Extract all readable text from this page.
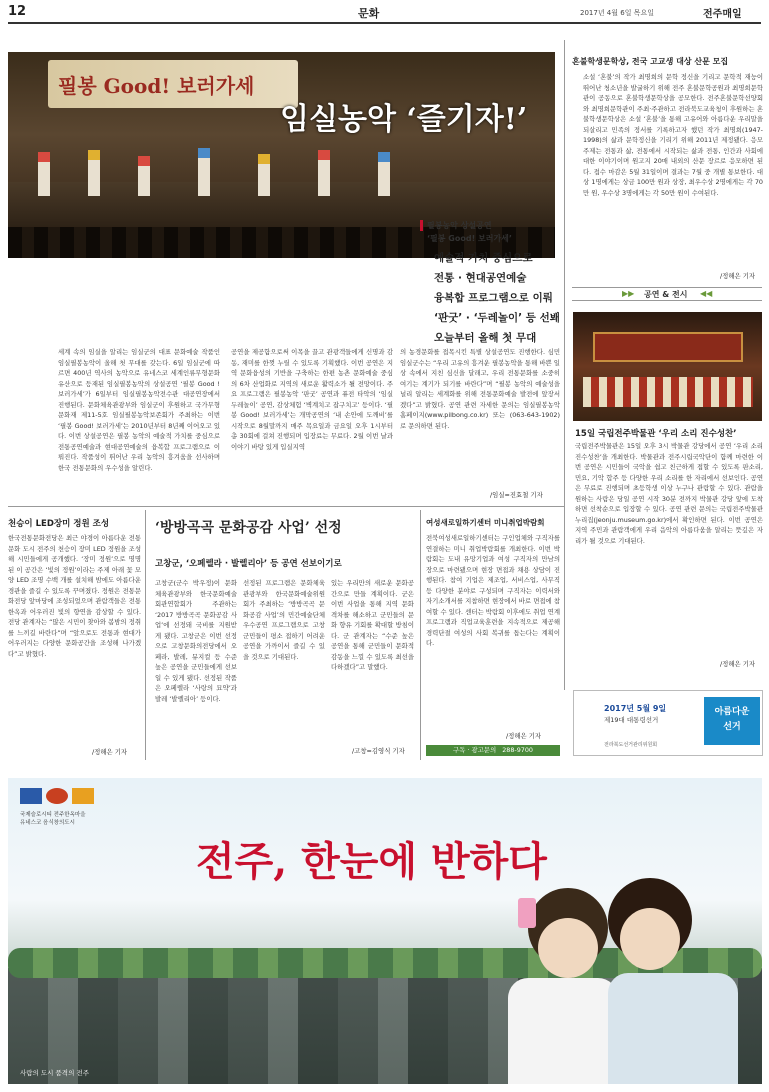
12	문화	2017년 4월 6일 목요일	전주매일
필봉 Good! 보러가세
임실농악 ‘즐기자!’
필봉농악 상설공연
‘필봉 Good! 보러가세’
예술적 가치 중심으로
전통 · 현대공연예술
융복합 프로그램으로 이뤄
‘판굿’ · ‘두레놀이’ 등 선봬
오늘부터 올해 첫 무대
세계 속의 임실을 알리는 임실군의 대표 문화예술 작품인 임실필봉농악이 올해 첫 무대를 갖는다. 6일 임실군에 따르면 400년 역사의 농악으로 유네스코 세계인류무형문화유산으로 등재된 임실필봉농악의 상설공연 ‘필봉 Good ! 보러가세’가 6일부터 임실필봉농악전수관 대공연장에서 진행된다. 문화체육관광부와 임실군이 후원하고 국가무형문화재 제11-5호 임실필봉농악보존회가 주최하는 이번 ‘필봉 Good! 보러가세’는 2010년부터 8년째 이어오고 있다. 이번 상설공연은 필봉 농악의 예술적 가치를 중심으로 전통공연예술과 현대공연예술의 융복합 프로그램으로 이뤄진다. 작품성이 뛰어난 우리 농악의 흥겨움을 선사하며 한국 전통문화의 우수성을 알린다.
공연을 제공함으로써 이목을 끌고 관광객들에게 신명과 감동, 재미를 한껏 누릴 수 있도록 기획했다. 이번 공연은 지역 문화융성의 기반을 구축하는 한편 농촌 문화예술 중심의 6차 산업화로 지역의 새로운 활력소가 될 전망이다. 주요 프로그램은 필봉농악 ‘판굿’ 공연과 퓨전 타악의 ‘임실 두레놀이’ 공연, 감상체험 ‘벽계치고 잡구치고’ 등이다. ‘필봉 Good! 보러가세’는 개막공연의 ‘내 손안에 도깨비’를 시작으로 8월말까지 매주 목요일과 금요일 오후 1시부터 총 30회에 걸쳐 진행되며 입장료는 무료다. 2월 이번 날과 이야기 바탕 있게 입실지역
의 농경문화를 접목시킨 특별 상설공연도 진행한다. 심민 임실군수는 “우리 고유의 흥겨운 필봉농악을 통해 바쁜 일상 속에서 지친 심신을 달래고, 우리 전통문화를 소중히 여기는 계기가 되기를 바란다”며 “필봉 농악의 예술성을 널리 알리는 세계화를 위해 전통문화예술 발전에 앞장서겠다”고 밝혔다. 공연 관련 자세한 문의는 임실필봉농악 홈페이지(www.pilbong.co.kr) 또는 (063-643-1902)로 문의하면 된다.
/임실=진효철 기자
혼불학생문학상, 전국 고교생 대상 산문 모집
소설 ‘혼불’의 작가 최명희의 문학 정신을 기리고 문학적 재능이 뛰어난 청소년을 발굴하기 위해 전주 혼불문학공원과 최명희문학관이 공동으로 혼불학생문학상을 공모한다. 전주혼불문학선양회와 최명희문학관이 주최·주관하고 전라북도교육청이 후원하는 혼불학생문학상은 소설 ‘혼불’을 통해 고유어와 아름다운 우리말을 되살리고 민족의 정서를 기록하고자 했던 작가 최명희(1947-1998)의 삶과 문학정신을 기리기 위해 2011년 제정됐다. 응모 주제는 전통과 삶, 전통에서 시작되는 삶과 전통, 인간과 사회에 대한 이야기이며 원고지 20매 내외의 산문 장르로 응모하면 된다. 접수 마감은 5월 31일이며 결과는 7월 중 개별 통보한다. 대상 1명에게는 상금 100만 원과 상장, 최우수상 2명에게는 각 70만 원, 우수상 3명에게는 각 50만 원이 수여된다.
/정해은 기자
▶▶ 공연 & 전시 ◀◀
15일 국립전주박물관 ‘우리 소리 진수성찬’
국립전주박물관은 15일 오후 3시 박물관 강당에서 공연 ‘우리 소리 진수성찬’을 개최한다. 박물관과 전주시립국악단이 함께 마련한 이번 공연은 시민들이 국악을 쉽고 친근하게 접할 수 있도록 판소리, 민요, 기악 합주 등 다양한 우리 소리를 한 자리에서 선보인다. 공연은 무료로 진행되며 초등학생 이상 누구나 관람할 수 있다. 관람을 원하는 사람은 당일 공연 시작 30분 전까지 박물관 강당 앞에 도착하면 선착순으로 입장할 수 있다. 공연 관련 문의는 국립전주박물관 누리집(jeonju.museum.go.kr)에서 확인하면 된다. 이번 공연은 지역 주민과 관람객에게 우리 음악의 아름다움을 알리는 뜻깊은 자리가 될 것으로 기대된다.
/정해은 기자
천승이 LED장미 정원 조성
한국전통문화전당은 최근 야경이 아름다운 전통문화 도시 전주의 천승이 장미 LED 정원을 조성해 시민들에게 공개했다. ‘장미 정원’으로 명명된 이 공간은 ‘빛의 정원’이라는 주제 아래 꽃 모양 LED 조명 수백 개를 설치해 밤에도 아름다운 경관을 즐길 수 있도록 꾸며졌다. 정원은 전통문화전당 앞마당에 조성되었으며 관람객들은 전통 한옥과 어우러진 빛의 향연을 감상할 수 있다. 전당 관계자는 “많은 시민이 찾아와 봄밤의 정취를 느끼길 바란다”며 “앞으로도 전통과 현대가 어우러지는 다양한 문화공간을 조성해 나가겠다”고 밝혔다.
/정해은 기자
‘방방곡곡 문화공감 사업’ 선정
고창군, ‘오페렐라 · 발렐리아’ 등 공연 선보이기로
고창군(군수 박우정)이 문화체육관광부와 한국문화예술회관연합회가 주관하는 ‘2017 방방곡곡 문화공감 사업’에 선정돼 국비를 지원받게 됐다. 고창군은 이번 선정으로 고창문화의전당에서 오페라, 발레, 뮤지컬 등 수준 높은 공연을 군민들에게 선보일 수 있게 됐다. 선정된 작품은 오페렐라 ‘사랑의 묘약’과 발레 ‘발렐리아’ 등이다.
선정된 프로그램은 문화체육관광부와 한국문화예술위원회가 주최하는 ‘방방곡곡 문화공감 사업’의 민간예술단체 우수공연 프로그램으로 고창군민들이 평소 접하기 어려운 공연을 가까이서 즐길 수 있을 것으로 기대된다.
있는 우리만의 새로운 문화공간으로 만들 계획이다. 군은 이번 사업을 통해 지역 문화 격차를 해소하고 군민들의 문화 향유 기회를 확대할 방침이다. 군 관계자는 “수준 높은 공연을 통해 군민들이 문화적 감동을 느낄 수 있도록 최선을 다하겠다”고 말했다.
/고창=김영식 기자
여성새로일하기센터 미니취업박람회
전북여성새로일하기센터는 구인업체와 구직자를 연결하는 미니 취업박람회를 개최한다. 이번 박람회는 도내 유망기업과 여성 구직자의 만남의 장으로 마련됐으며 현장 면접과 채용 상담이 진행된다. 참여 기업은 제조업, 서비스업, 사무직 등 다양한 분야로 구성되며 구직자는 이력서와 자기소개서를 지참하면 현장에서 바로 면접에 참여할 수 있다. 센터는 박람회 이후에도 취업 연계 프로그램과 직업교육훈련을 지속적으로 제공해 경력단절 여성의 사회 복귀를 돕는다는 계획이다.
/정해은 기자
구독 · 광고문의 288-9700
2017년 5월 9일
제19대 대통령선거
전라북도선거관리위원회
아름다운
선거
국제슬로시티 전주한옥마을
유네스코 음식창의도시
전주, 한눈에 반하다
사람의 도시 품격의 전주
